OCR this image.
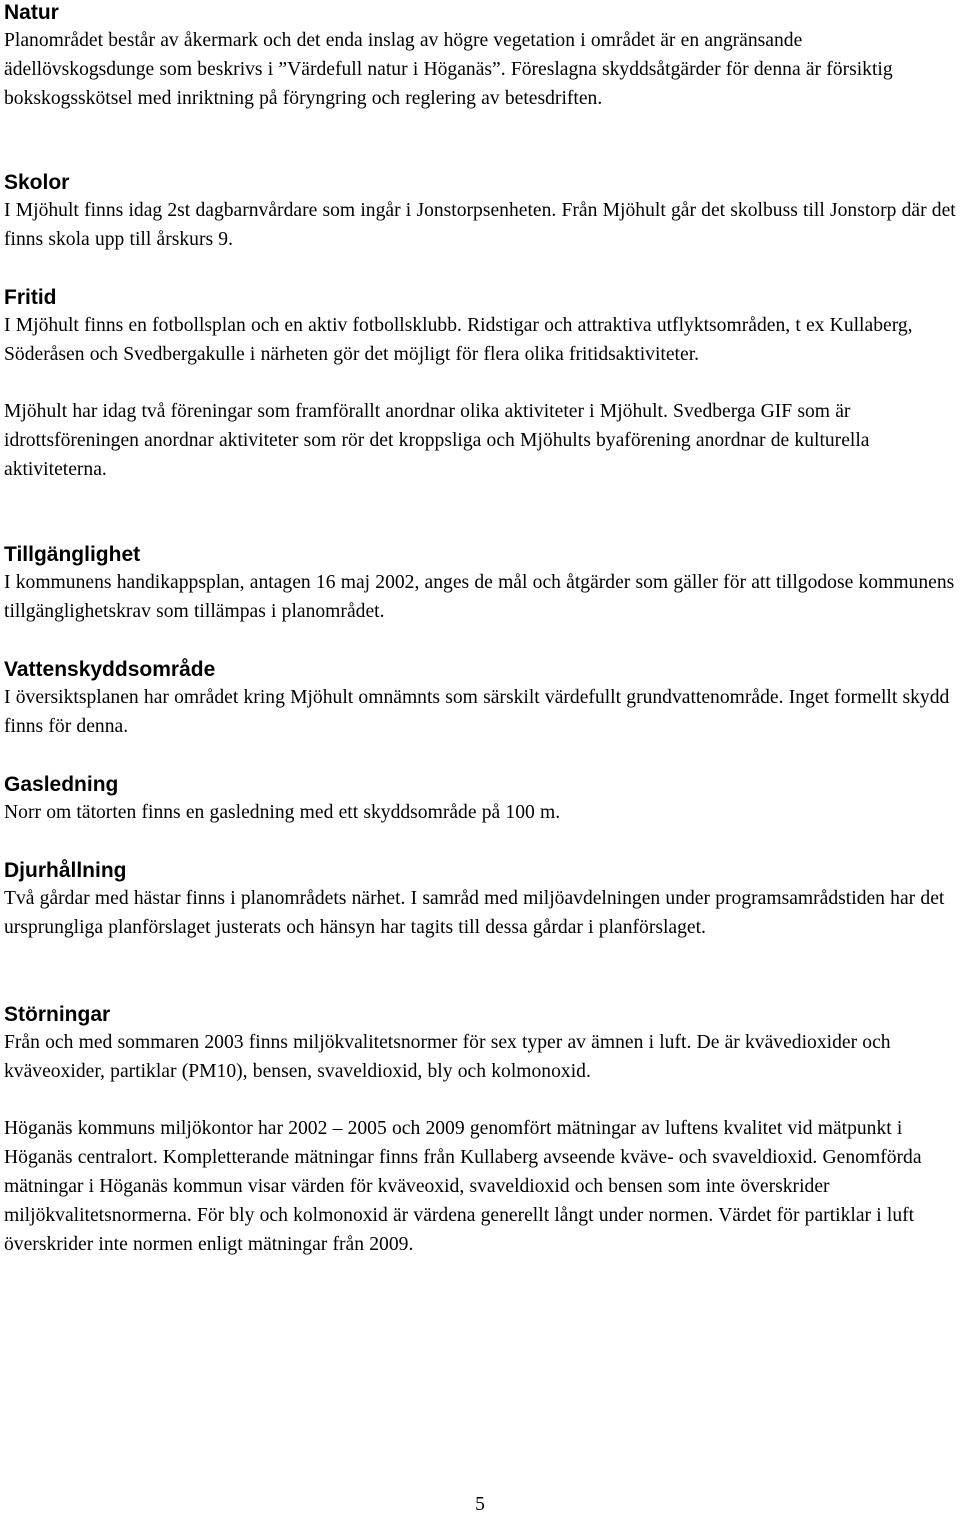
Natur

Planområdet består av åkermark och det enda inslag av högre vegetation i området är en angränsande ädellövskogsdunge som beskrivs i ”Värdefull natur i Höganäs”. Föreslagna skyddsåtgärder för denna är försiktig bokskogsskötsel med inriktning på föryngring och reglering av betesdriften.

Skolor

I Mjöhult finns idag 2st dagbarnvårdare som ingår i Jonstorpsenheten. Från Mjöhult går det skolbuss till Jonstorp där det finns skola upp till årskurs 9.

Fritid

I Mjöhult finns en fotbollsplan och en aktiv fotbollsklubb. Ridstigar och attraktiva utflyktsområden, t ex Kullaberg, Söderåsen och Svedbergakulle i närheten gör det möjligt för flera olika fritidsaktiviteter.

Mjöhult har idag två föreningar som framförallt anordnar olika aktiviteter i Mjöhult. Svedberga GIF som är idrottsföreningen anordnar aktiviteter som rör det kroppsliga och Mjöhults byaförening anordnar de kulturella aktiviteterna.

Tillgänglighet

I kommunens handikappsplan, antagen 16 maj 2002, anges de mål och åtgärder som gäller för att tillgodose kommunens tillgänglighetskrav som tillämpas i planområdet.

Vattenskyddsområde

I översiktsplanen har området kring Mjöhult omnämnts som särskilt värdefullt grundvattenområde. Inget formellt skydd finns för denna.

Gasledning

Norr om tätorten finns en gasledning med ett skyddsområde på 100 m.

Djurhållning

Två gårdar med hästar finns i planområdets närhet. I samråd med miljöavdelningen under programsamrådstiden har det ursprungliga planförslaget justerats och hänsyn har tagits till dessa gårdar i planförslaget.

Störningar

Från och med sommaren 2003 finns miljökvalitetsnormer för sex typer av ämnen i luft. De är kvävedioxider och kväveoxider, partiklar (PM10), bensen, svaveldioxid, bly och kolmonoxid.

Höganäs kommuns miljökontor har 2002 – 2005 och 2009 genomfört mätningar av luftens kvalitet vid mätpunkt i Höganäs centralort. Kompletterande mätningar finns från Kullaberg avseende kväve- och svaveldioxid. Genomförda mätningar i Höganäs kommun visar värden för kväveoxid, svaveldioxid och bensen som inte överskrider miljökvalitetsnormerna. För bly och kolmonoxid är värdena generellt långt under normen. Värdet för partiklar i luft överskrider inte normen enligt mätningar från 2009.

5
